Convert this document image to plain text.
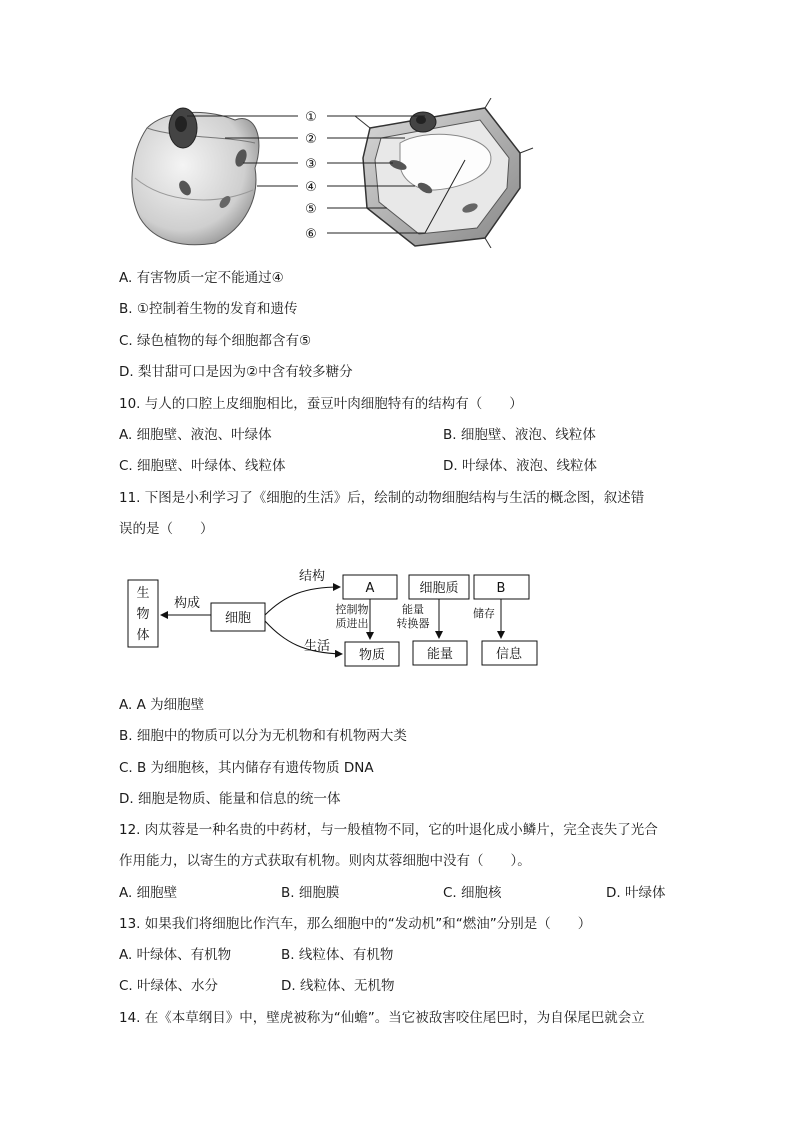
①
②
③
④
⑤
⑥
A. 有害物质一定不能通过④
B. ①控制着生物的发育和遗传
C. 绿色植物的每个细胞都含有⑤
D. 梨甘甜可口是因为②中含有较多糖分
10. 与人的口腔上皮细胞相比，蚕豆叶肉细胞特有的结构有（　　）
A. 细胞壁、液泡、叶绿体	B. 细胞壁、液泡、线粒体
C. 细胞壁、叶绿体、线粒体	D. 叶绿体、液泡、线粒体
11. 下图是小利学习了《细胞的生活》后，绘制的动物细胞结构与生活的概念图，叙述错
误的是（　　）
生
物
体
构成
细胞
结构
生活
A	细胞质	B
物质	能量	信息
控制物
质进出
能量
转换器
储存
A. A 为细胞壁
B. 细胞中的物质可以分为无机物和有机物两大类
C. B 为细胞核，其内储存有遗传物质 DNA
D. 细胞是物质、能量和信息的统一体
12. 肉苁蓉是一种名贵的中药材，与一般植物不同，它的叶退化成小鳞片，完全丧失了光合
作用能力，以寄生的方式获取有机物。则肉苁蓉细胞中没有（　　）。
A. 细胞壁	B. 细胞膜	C. 细胞核	D. 叶绿体
13. 如果我们将细胞比作汽车，那么细胞中的“发动机”和“燃油”分别是（　　）
A. 叶绿体、有机物	B. 线粒体、有机物
C. 叶绿体、水分	D. 线粒体、无机物
14. 在《本草纲目》中，壁虎被称为“仙蟾”。当它被敌害咬住尾巴时，为自保尾巴就会立
